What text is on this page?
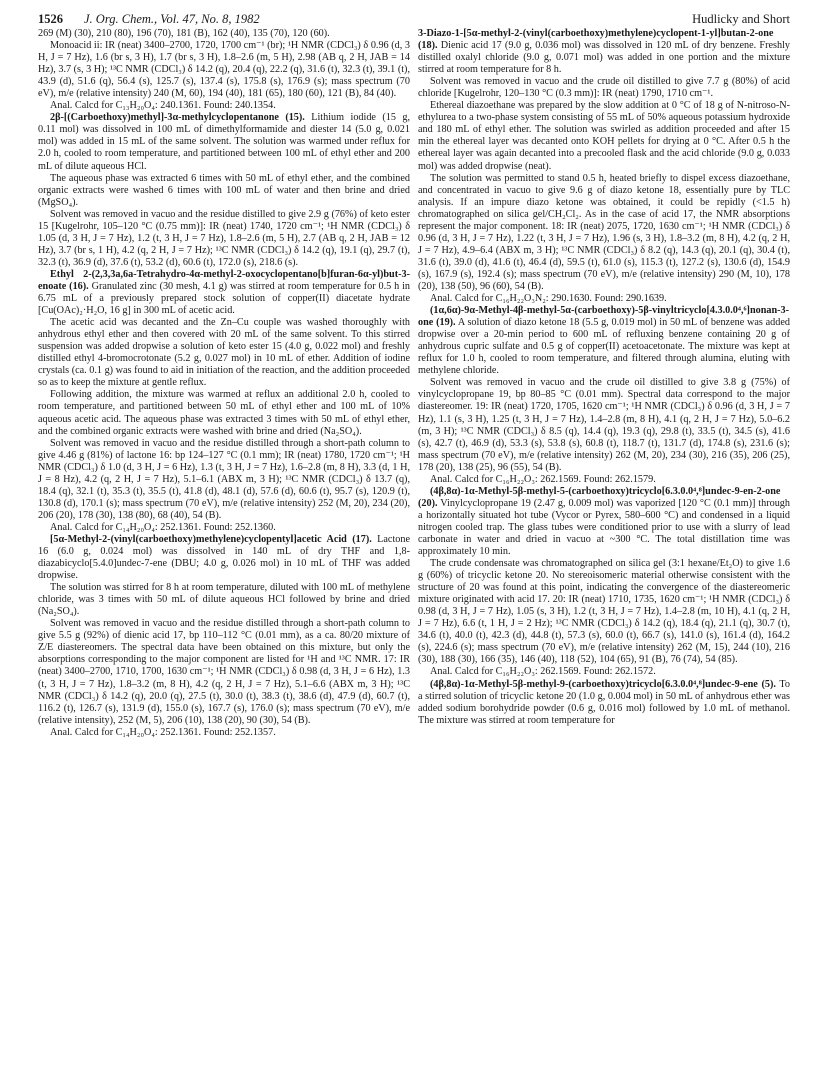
1526 J. Org. Chem., Vol. 47, No. 8, 1982	Hudlicky and Short

269 (M) (30), 210 (80), 196 (70), 181 (B), 162 (40), 135 (70), 120 (60).

Monoacid ii: IR (neat) 3400–2700, 1720, 1700 cm⁻¹ (br); ¹H NMR (CDCl₃) δ 0.96 (d, 3 H, J = 7 Hz), 1.6 (br s, 3 H), 1.7 (br s, 3 H), 1.8–2.6 (m, 5 H), 2.98 (AB q, 2 H, JAB = 14 Hz), 3.7 (s, 3 H); ¹³C NMR (CDCl₃) δ 14.2 (q), 20.4 (q), 22.2 (q), 31.6 (t), 32.3 (t), 39.1 (t), 43.9 (d), 51.6 (q), 56.4 (s), 125.7 (s), 137.4 (s), 175.8 (s), 176.9 (s); mass spectrum (70 eV), m/e (relative intensity) 240 (M, 60), 194 (40), 181 (65), 180 (60), 121 (B), 84 (40).

Anal. Calcd for C₁₃H₂₀O₄: 240.1361. Found: 240.1354.

2β-[(Carboethoxy)methyl]-3α-methylcyclopentanone (15). Lithium iodide (15 g, 0.11 mol) was dissolved in 100 mL of dimethylformamide and diester 14 (5.0 g, 0.021 mol) was added in 15 mL of the same solvent. The solution was warmed under reflux for 2.0 h, cooled to room temperature, and partitioned between 100 mL of ethyl ether and 200 mL of dilute aqueous HCl.

The aqueous phase was extracted 6 times with 50 mL of ethyl ether, and the combined organic extracts were washed 6 times with 100 mL of water and then brine and dried (MgSO₄).

Solvent was removed in vacuo and the residue distilled to give 2.9 g (76%) of keto ester 15 [Kugelrohr, 105–120 °C (0.75 mm)]: IR (neat) 1740, 1720 cm⁻¹; ¹H NMR (CDCl₃) δ 1.05 (d, 3 H, J = 7 Hz), 1.2 (t, 3 H, J = 7 Hz), 1.8–2.6 (m, 5 H), 2.7 (AB q, 2 H, JAB = 12 Hz), 3.7 (br s, 1 H), 4.2 (q, 2 H, J = 7 Hz); ¹³C NMR (CDCl₃) δ 14.2 (q), 19.1 (q), 29.7 (t), 32.3 (t), 36.9 (d), 37.6 (t), 53.2 (d), 60.6 (t), 172.0 (s), 218.6 (s).

Ethyl 2-(2,3,3a,6a-Tetrahydro-4α-methyl-2-oxocyclopentano[b]furan-6α-yl)but-3-enoate (16). Granulated zinc (30 mesh, 4.1 g) was stirred at room temperature for 0.5 h in 6.75 mL of a previously prepared stock solution of copper(II) diacetate hydrate [Cu(OAc)₂·H₂O, 16 g] in 300 mL of acetic acid.

The acetic acid was decanted and the Zn–Cu couple was washed thoroughly with anhydrous ethyl ether and then covered with 20 mL of the same solvent. To this stirred suspension was added dropwise a solution of keto ester 15 (4.0 g, 0.022 mol) and freshly distilled ethyl 4-bromocrotonate (5.2 g, 0.027 mol) in 10 mL of ether. Addition of iodine crystals (ca. 0.1 g) was found to aid in initiation of the reaction, and the addition proceeded so as to keep the mixture at gentle reflux.

Following addition, the mixture was warmed at reflux an additional 2.0 h, cooled to room temperature, and partitioned between 50 mL of ethyl ether and 100 mL of 10% aqueous acetic acid. The aqueous phase was extracted 3 times with 50 mL of ethyl ether, and the combined organic extracts were washed with brine and dried (Na₂SO₄).

Solvent was removed in vacuo and the residue distilled through a short-path column to give 4.46 g (81%) of lactone 16: bp 124–127 °C (0.1 mm); IR (neat) 1780, 1720 cm⁻¹; ¹H NMR (CDCl₃) δ 1.0 (d, 3 H, J = 6 Hz), 1.3 (t, 3 H, J = 7 Hz), 1.6–2.8 (m, 8 H), 3.3 (d, 1 H, J = 8 Hz), 4.2 (q, 2 H, J = 7 Hz), 5.1–6.1 (ABX m, 3 H); ¹³C NMR (CDCl₃) δ 13.7 (q), 18.4 (q), 32.1 (t), 35.3 (t), 35.5 (t), 41.8 (d), 48.1 (d), 57.6 (d), 60.6 (t), 95.7 (s), 120.9 (t), 130.8 (d), 170.1 (s); mass spectrum (70 eV), m/e (relative intensity) 252 (M, 20), 234 (20), 206 (20), 178 (30), 138 (80), 68 (40), 54 (B).

Anal. Calcd for C₁₄H₂₀O₄: 252.1361. Found: 252.1360.

[5α-Methyl-2-(vinyl(carboethoxy)methylene)cyclopentyl]acetic Acid (17). Lactone 16 (6.0 g, 0.024 mol) was dissolved in 140 mL of dry THF and 1,8-diazabicyclo[5.4.0]undec-7-ene (DBU; 4.0 g, 0.026 mol) in 10 mL of THF was added dropwise.

The solution was stirred for 8 h at room temperature, diluted with 100 mL of methylene chloride, was 3 times with 50 mL of dilute aqueous HCl followed by brine and dried (Na₂SO₄).

Solvent was removed in vacuo and the residue distilled through a short-path column to give 5.5 g (92%) of dienic acid 17, bp 110–112 °C (0.01 mm), as a ca. 80/20 mixture of Z/E diastereomers. The spectral data have been obtained on this mixture, but only the absorptions corresponding to the major component are listed for ¹H and ¹³C NMR. 17: IR (neat) 3400–2700, 1710, 1700, 1630 cm⁻¹; ¹H NMR (CDCl₃) δ 0.98 (d, 3 H, J = 6 Hz), 1.3 (t, 3 H, J = 7 Hz), 1.8–3.2 (m, 8 H), 4.2 (q, 2 H, J = 7 Hz), 5.1–6.6 (ABX m, 3 H); ¹³C NMR (CDCl₃) δ 14.2 (q), 20.0 (q), 27.5 (t), 30.0 (t), 38.3 (t), 38.6 (d), 47.9 (d), 60.7 (t), 116.2 (t), 126.7 (s), 131.9 (d), 155.0 (s), 167.7 (s), 176.0 (s); mass spectrum (70 eV), m/e (relative intensity), 252 (M, 5), 206 (10), 138 (20), 90 (30), 54 (B).

Anal. Calcd for C₁₄H₂₀O₄: 252.1361. Found: 252.1357.

3-Diazo-1-[5α-methyl-2-(vinyl(carboethoxy)methylene)cyclopent-1-yl]butan-2-one (18). Dienic acid 17 (9.0 g, 0.036 mol) was dissolved in 120 mL of dry benzene. Freshly distilled oxalyl chloride (9.0 g, 0.071 mol) was added in one portion and the mixture stirred at room temperature for 8 h.

Solvent was removed in vacuo and the crude oil distilled to give 7.7 g (80%) of acid chloride [Kugelrohr, 120–130 °C (0.3 mm)]: IR (neat) 1790, 1710 cm⁻¹.

Ethereal diazoethane was prepared by the slow addition at 0 °C of 18 g of N-nitroso-N-ethylurea to a two-phase system consisting of 55 mL of 50% aqueous potassium hydroxide and 180 mL of ethyl ether. The solution was swirled as addition proceeded and after 15 min the ethereal layer was decanted onto KOH pellets for drying at 0 °C. After 0.5 h the ethereal layer was again decanted into a precooled flask and the acid chloride (9.0 g, 0.033 mol) was added dropwise (neat).

The solution was permitted to stand 0.5 h, heated briefly to dispel excess diazoethane, and concentrated in vacuo to give 9.6 g of diazo ketone 18, essentially pure by TLC analysis. If an impure diazo ketone was obtained, it could be repidly (<1.5 h) chromatographed on silica gel/CH₂Cl₂. As in the case of acid 17, the NMR absorptions represent the major component. 18: IR (neat) 2075, 1720, 1630 cm⁻¹; ¹H NMR (CDCl₃) δ 0.96 (d, 3 H, J = 7 Hz), 1.22 (t, 3 H, J = 7 Hz), 1.96 (s, 3 H), 1.8–3.2 (m, 8 H), 4.2 (q, 2 H, J = 7 Hz), 4.9–6.4 (ABX m, 3 H); ¹³C NMR (CDCl₃) δ 8.2 (q), 14.3 (q), 20.1 (q), 30.4 (t), 31.6 (t), 39.0 (d), 41.6 (t), 46.4 (d), 59.5 (t), 61.0 (s), 115.3 (t), 127.2 (s), 130.6 (d), 154.9 (s), 167.9 (s), 192.4 (s); mass spectrum (70 eV), m/e (relative intensity) 290 (M, 10), 178 (20), 138 (50), 96 (60), 54 (B).

Anal. Calcd for C₁₆H₂₂O₃N₂: 290.1630. Found: 290.1639.

(1α,6α)-9α-Methyl-4β-methyl-5α-(carboethoxy)-5β-vinyltricyclo[4.3.0.0⁴,⁶]nonan-3-one (19). A solution of diazo ketone 18 (5.5 g, 0.019 mol) in 50 mL of benzene was added dropwise over a 20-min period to 600 mL of refluxing benzene containing 20 g of anhydrous cupric sulfate and 0.5 g of copper(II) acetoacetonate. The mixture was kept at reflux for 1.0 h, cooled to room temperature, and filtered through alumina, eluting with methylene chloride.

Solvent was removed in vacuo and the crude oil distilled to give 3.8 g (75%) of vinylcyclopropane 19, bp 80–85 °C (0.01 mm). Spectral data correspond to the major diastereomer. 19: IR (neat) 1720, 1705, 1620 cm⁻¹; ¹H NMR (CDCl₃) δ 0.96 (d, 3 H, J = 7 Hz), 1.1 (s, 3 H), 1.25 (t, 3 H, J = 7 Hz), 1.4–2.8 (m, 8 H), 4.1 (q, 2 H, J = 7 Hz), 5.0–6.2 (m, 3 H); ¹³C NMR (CDCl₃) δ 8.5 (q), 14.4 (q), 19.3 (q), 29.8 (t), 33.5 (t), 34.5 (s), 41.6 (s), 42.7 (t), 46.9 (d), 53.3 (s), 53.8 (s), 60.8 (t), 118.7 (t), 131.7 (d), 174.8 (s), 231.6 (s); mass spectrum (70 eV), m/e (relative intensity) 262 (M, 20), 234 (30), 216 (35), 206 (25), 178 (20), 138 (25), 96 (55), 54 (B).

Anal. Calcd for C₁₆H₂₂O₃: 262.1569. Found: 262.1579.

(4β,8α)-1α-Methyl-5β-methyl-5-(carboethoxy)tricyclo[6.3.0.0⁴,⁸]undec-9-en-2-one (20). Vinylcyclopropane 19 (2.47 g, 0.009 mol) was vaporized [120 °C (0.1 mm)] through a horizontally situated hot tube (Vycor or Pyrex, 580–600 °C) and condensed in a liquid nitrogen cooled trap. The glass tubes were conditioned prior to use with a slurry of lead carbonate in water and dried in vacuo at ~300 °C. The total distillation time was approximately 10 min.

The crude condensate was chromatographed on silica gel (3:1 hexane/Et₂O) to give 1.6 g (60%) of tricyclic ketone 20. No stereoisomeric material otherwise consistent with the structure of 20 was found at this point, indicating the convergence of the diastereomeric mixture originated with acid 17. 20: IR (neat) 1710, 1735, 1620 cm⁻¹; ¹H NMR (CDCl₃) δ 0.98 (d, 3 H, J = 7 Hz), 1.05 (s, 3 H), 1.2 (t, 3 H, J = 7 Hz), 1.4–2.8 (m, 10 H), 4.1 (q, 2 H, J = 7 Hz), 6.6 (t, 1 H, J = 2 Hz); ¹³C NMR (CDCl₃) δ 14.2 (q), 18.4 (q), 21.1 (q), 30.7 (t), 34.6 (t), 40.0 (t), 42.3 (d), 44.8 (t), 57.3 (s), 60.0 (t), 66.7 (s), 141.0 (s), 161.4 (d), 164.2 (s), 224.6 (s); mass spectrum (70 eV), m/e (relative intensity) 262 (M, 15), 244 (10), 216 (30), 188 (30), 166 (35), 146 (40), 118 (52), 104 (65), 91 (B), 76 (74), 54 (85).

Anal. Calcd for C₁₆H₂₂O₃: 262.1569. Found: 262.1572.

(4β,8α)-1α-Methyl-5β-methyl-9-(carboethoxy)tricyclo[6.3.0.0⁴,⁸]undec-9-ene (5). To a stirred solution of tricyclic ketone 20 (1.0 g, 0.004 mol) in 50 mL of anhydrous ether was added sodium borohydride powder (0.6 g, 0.016 mol) followed by 1.0 mL of methanol. The mixture was stirred at room temperature for
